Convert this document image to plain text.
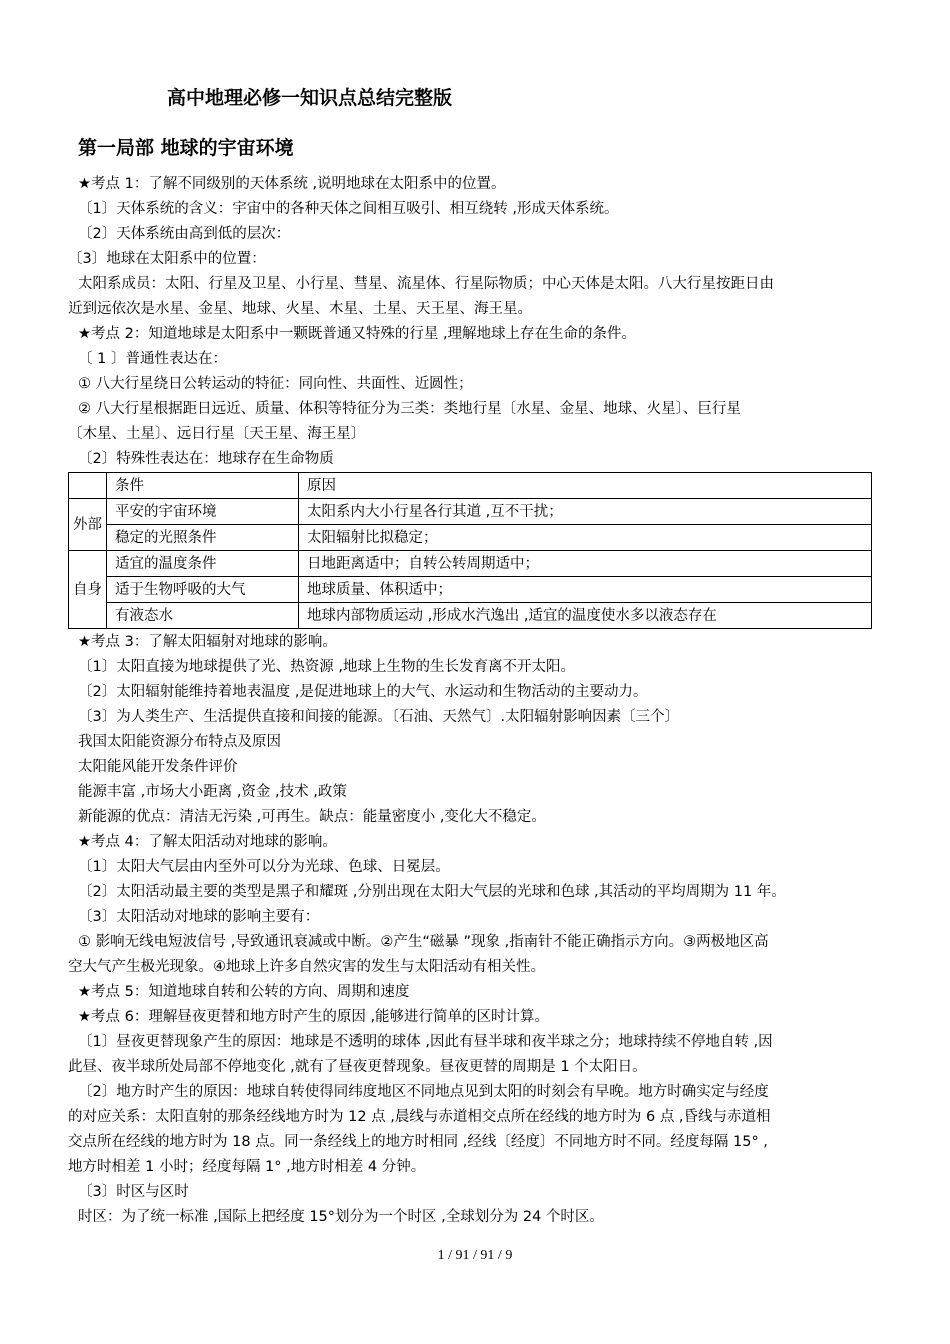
高中地理必修一知识点总结完整版
第一局部 地球的宇宙环境
★考点 1：了解不同级别的天体系统 ,说明地球在太阳系中的位置。
〔1〕天体系统的含义：宇宙中的各种天体之间相互吸引、相互绕转 ,形成天体系统。
〔2〕天体系统由高到低的层次：
〔3〕地球在太阳系中的位置：
太阳系成员：太阳、行星及卫星、小行星、彗星、流星体、行星际物质；中心天体是太阳。八大行星按距日由
近到远依次是水星、金星、地球、火星、木星、土星、天王星、海王星。
★考点 2：知道地球是太阳系中一颗既普通又特殊的行星 ,理解地球上存在生命的条件。
〔 1 〕普通性表达在：
① 八大行星绕日公转运动的特征：同向性、共面性、近圆性；
② 八大行星根据距日远近、质量、体积等特征分为三类：类地行星〔水星、金星、地球、火星〕、巨行星
〔木星、土星〕、远日行星〔天王星、海王星〕
〔2〕特殊性表达在：地球存在生命物质
	条件	原因
外部	平安的宇宙环境	太阳系内大小行星各行其道 ,互不干扰；
	稳定的光照条件	太阳辐射比拟稳定；
自身	适宜的温度条件	日地距离适中；自转公转周期适中；
	适于生物呼吸的大气	地球质量、体积适中；
	有液态水	地球内部物质运动 ,形成水汽逸出 ,适宜的温度使水多以液态存在
★考点 3：了解太阳辐射对地球的影响。
〔1〕太阳直接为地球提供了光、热资源 ,地球上生物的生长发育离不开太阳。
〔2〕太阳辐射能维持着地表温度 ,是促进地球上的大气、水运动和生物活动的主要动力。
〔3〕为人类生产、生活提供直接和间接的能源。〔石油、天然气〕.太阳辐射影响因素〔三个〕
我国太阳能资源分布特点及原因
太阳能风能开发条件评价
能源丰富 ,市场大小距离 ,资金 ,技术 ,政策
新能源的优点：清洁无污染 ,可再生。缺点：能量密度小 ,变化大不稳定。
★考点 4：了解太阳活动对地球的影响。
〔1〕太阳大气层由内至外可以分为光球、色球、日冕层。
〔2〕太阳活动最主要的类型是黑子和耀斑 ,分别出现在太阳大气层的光球和色球 ,其活动的平均周期为 11 年。
〔3〕太阳活动对地球的影响主要有：
① 影响无线电短波信号 ,导致通讯衰减或中断。②产生“磁暴 ”现象 ,指南针不能正确指示方向。③两极地区高
空大气产生极光现象。④地球上许多自然灾害的发生与太阳活动有相关性。
★考点 5：知道地球自转和公转的方向、周期和速度
★考点 6：理解昼夜更替和地方时产生的原因 ,能够进行简单的区时计算。
〔1〕昼夜更替现象产生的原因：地球是不透明的球体 ,因此有昼半球和夜半球之分；地球持续不停地自转 ,因
此昼、夜半球所处局部不停地变化 ,就有了昼夜更替现象。昼夜更替的周期是 1 个太阳日。
〔2〕地方时产生的原因：地球自转使得同纬度地区不同地点见到太阳的时刻会有早晚。地方时确实定与经度
的对应关系：太阳直射的那条经线地方时为 12 点 ,晨线与赤道相交点所在经线的地方时为 6 点 ,昏线与赤道相
交点所在经线的地方时为 18 点。同一条经线上的地方时相同 ,经线〔经度〕不同地方时不同。经度每隔 15° ,
地方时相差 1 小时；经度每隔 1° ,地方时相差 4 分钟。
〔3〕时区与区时
时区：为了统一标准 ,国际上把经度 15°划分为一个时区 ,全球划分为 24 个时区。
1 / 91 / 91 / 9
